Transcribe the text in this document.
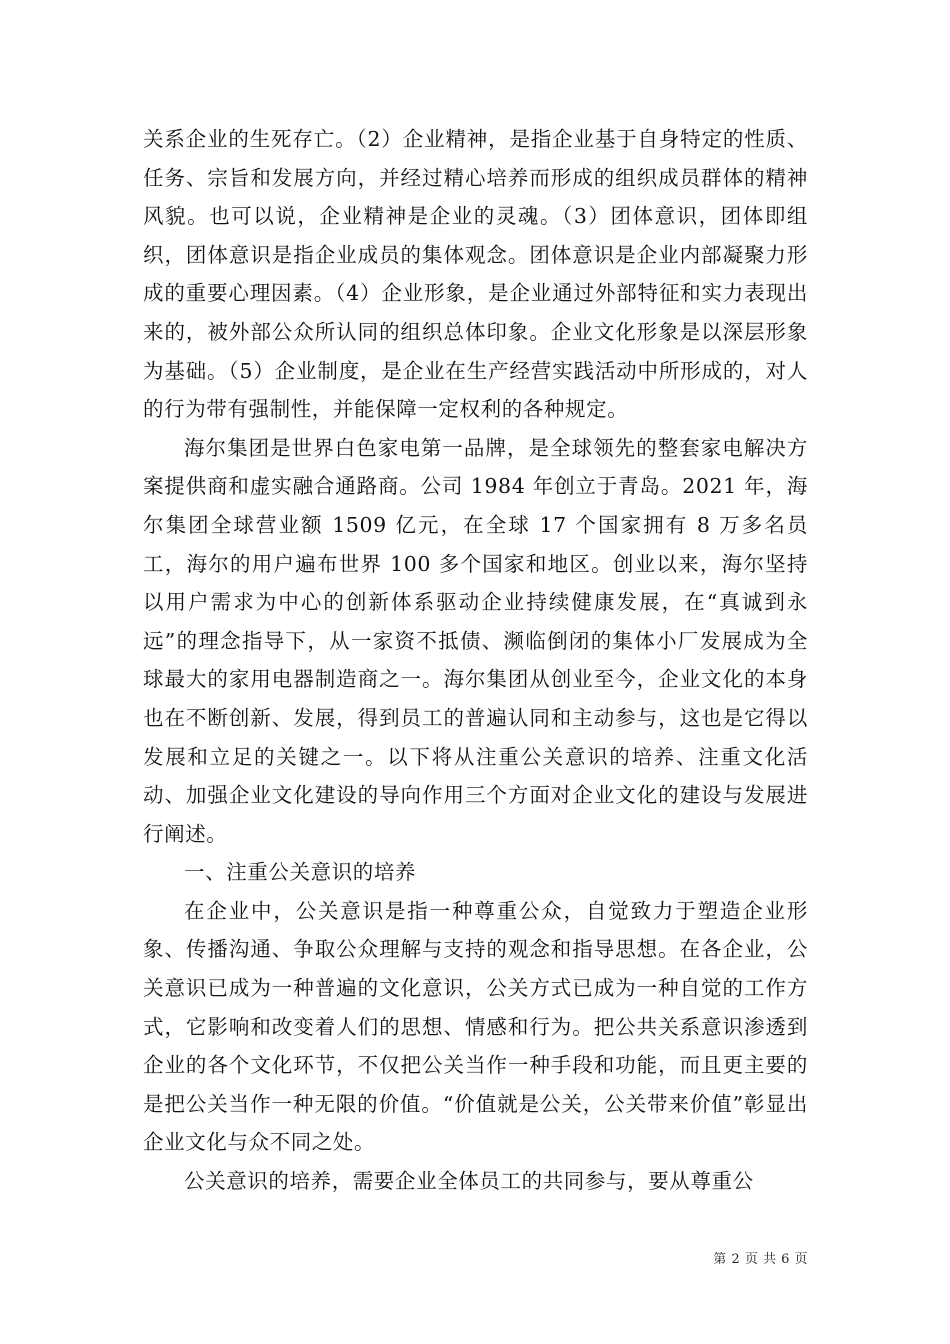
关系企业的生死存亡。（2）企业精神，是指企业基于自身特定的性质、任务、宗旨和发展方向，并经过精心培养而形成的组织成员群体的精神风貌。也可以说，企业精神是企业的灵魂。（3）团体意识，团体即组织，团体意识是指企业成员的集体观念。团体意识是企业内部凝聚力形成的重要心理因素。（4）企业形象，是企业通过外部特征和实力表现出来的，被外部公众所认同的组织总体印象。企业文化形象是以深层形象为基础。（5）企业制度，是企业在生产经营实践活动中所形成的，对人的行为带有强制性，并能保障一定权利的各种规定。

海尔集团是世界白色家电第一品牌，是全球领先的整套家电解决方案提供商和虚实融合通路商。公司 1984 年创立于青岛。2021 年，海尔集团全球营业额 1509 亿元，在全球 17 个国家拥有 8 万多名员工，海尔的用户遍布世界 100 多个国家和地区。创业以来，海尔坚持以用户需求为中心的创新体系驱动企业持续健康发展，在“真诚到永远”的理念指导下，从一家资不抵债、濒临倒闭的集体小厂发展成为全球最大的家用电器制造商之一。海尔集团从创业至今，企业文化的本身也在不断创新、发展，得到员工的普遍认同和主动参与，这也是它得以发展和立足的关键之一。以下将从注重公关意识的培养、注重文化活动、加强企业文化建设的导向作用三个方面对企业文化的建设与发展进行阐述。

一、注重公关意识的培养

在企业中，公关意识是指一种尊重公众，自觉致力于塑造企业形象、传播沟通、争取公众理解与支持的观念和指导思想。在各企业，公关意识已成为一种普遍的文化意识，公关方式已成为一种自觉的工作方式，它影响和改变着人们的思想、情感和行为。把公共关系意识渗透到企业的各个文化环节，不仅把公关当作一种手段和功能，而且更主要的是把公关当作一种无限的价值。“价值就是公关，公关带来价值”彰显出企业文化与众不同之处。

公关意识的培养，需要企业全体员工的共同参与，要从尊重公

第 2 页 共 6 页
